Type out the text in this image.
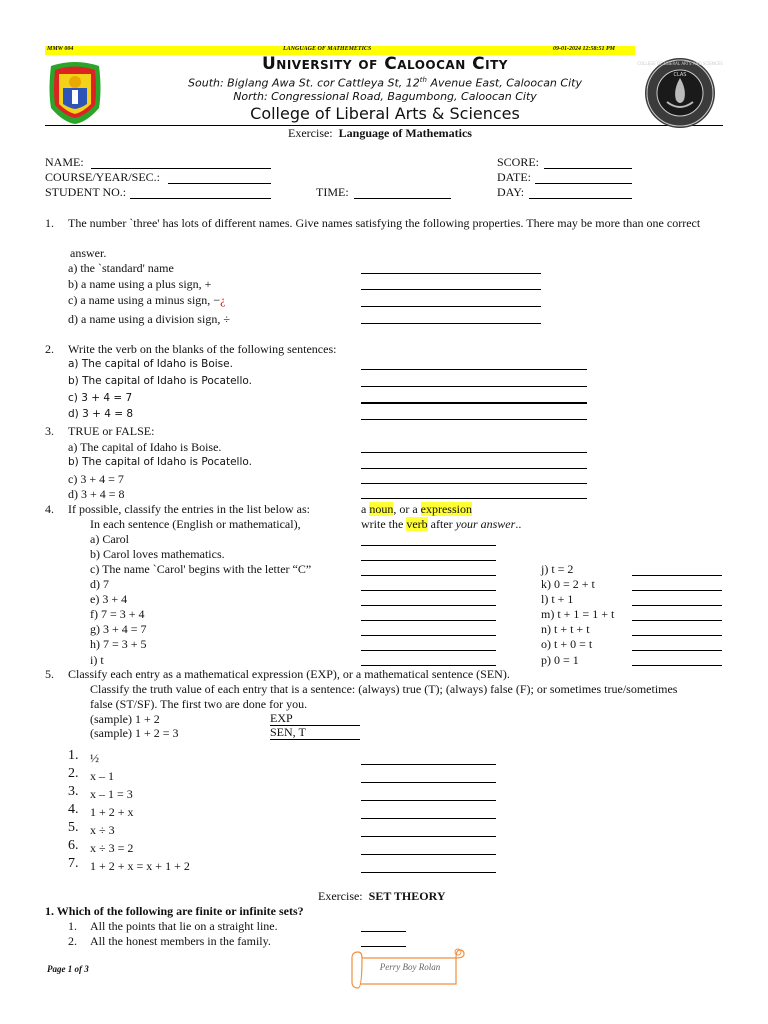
MMW 004	LANGUAGE OF MATHEMETICS	09-01-2024 12:58:51 PM
University of Caloocan City
South: Biglang Awa St. cor Cattleya St, 12th Avenue East, Caloocan City
North: Congressional Road, Bagumbong, Caloocan City
College of Liberal Arts & Sciences
CLAS
COLLEGE OF LIBERAL ARTS AND SCIENCES
Exercise: Language of Mathematics
NAME:
COURSE/YEAR/SEC.:
STUDENT NO.:	TIME:
SCORE:
DATE:
DAY:
1. The number `three' has lots of different names. Give names satisfying the following properties. There may be more than one correct
answer.
a) the `standard' name
b) a name using a plus sign, +
c) a name using a minus sign, −¿
d) a name using a division sign, ÷
2. Write the verb on the blanks of the following sentences:
a) The capital of Idaho is Boise.
b) The capital of Idaho is Pocatello.
c) 3 + 4 = 7
d) 3 + 4 = 8
3. TRUE or FALSE:
a) The capital of Idaho is Boise.
b) The capital of Idaho is Pocatello.
c) 3 + 4 = 7
d) 3 + 4 = 8
4. If possible, classify the entries in the list below as:	a noun, or a expression
In each sentence (English or mathematical),	write the verb after your answer..
a) Carol
b) Carol loves mathematics.
c) The name `Carol' begins with the letter “C”
d) 7
e) 3 + 4
f) 7 = 3 + 4
g) 3 + 4 = 7
h) 7 = 3 + 5
i) t
j) t = 2
k) 0 = 2 + t
l) t + 1
m) t + 1 = 1 + t
n) t + t + t
o) t + 0 = t
p) 0 = 1
5. Classify each entry as a mathematical expression (EXP), or a mathematical sentence (SEN).
Classify the truth value of each entry that is a sentence: (always) true (T); (always) false (F); or sometimes true/sometimes
false (ST/SF). The first two are done for you.
(sample) 1 + 2	EXP
(sample) 1 + 2 = 3	SEN, T
1. ½
2. x – 1
3. x – 1 = 3
4. 1 + 2 + x
5. x ÷ 3
6. x ÷ 3 = 2
7. 1 + 2 + x = x + 1 + 2
Exercise: SET THEORY
1. Which of the following are finite or infinite sets?
1. All the points that lie on a straight line.
2. All the honest members in the family.
Page 1 of 3	Perry Boy Rolan
